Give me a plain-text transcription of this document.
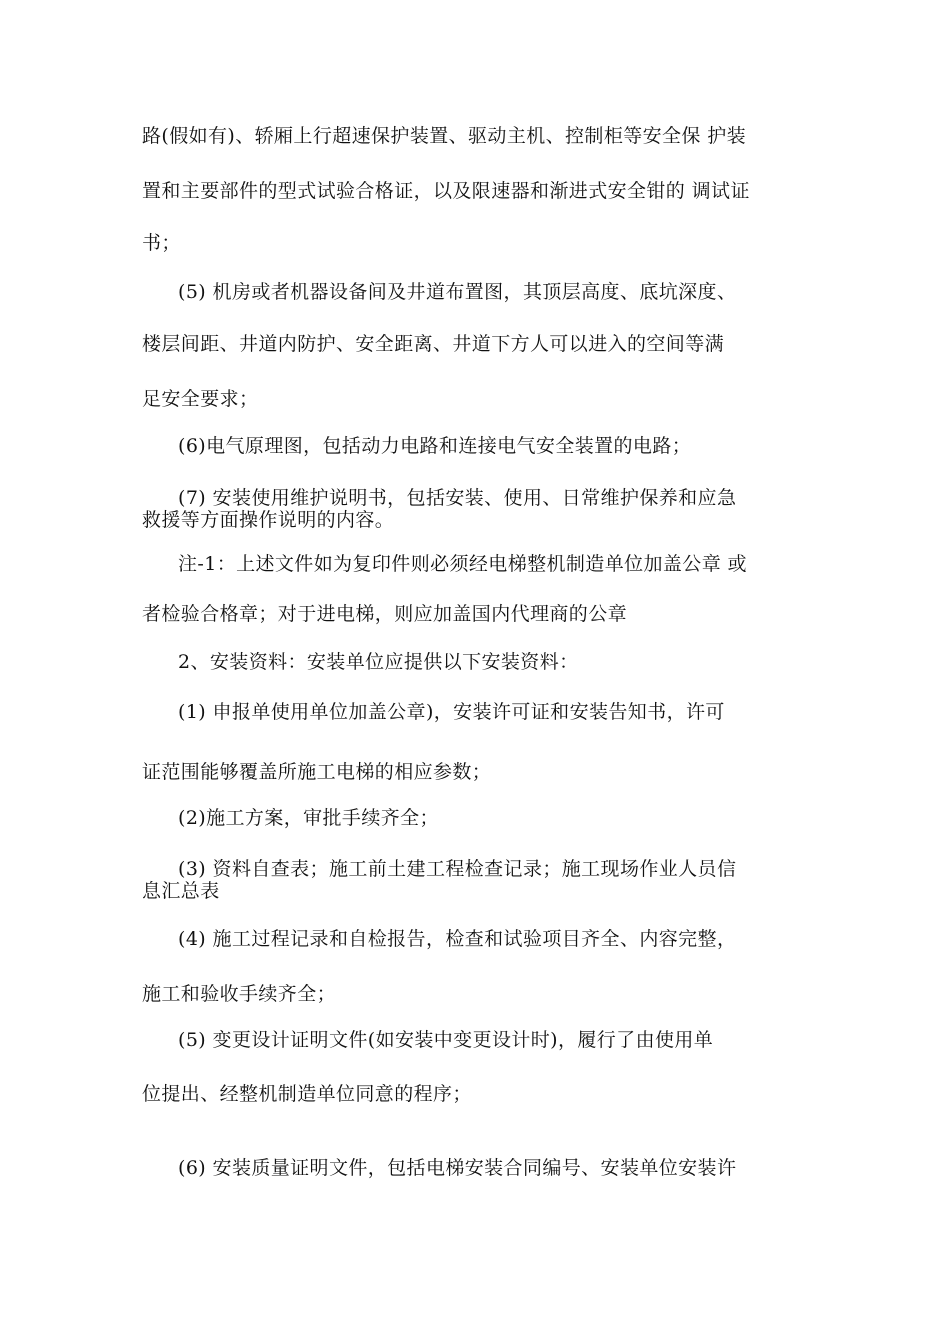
路(假如有)、轿厢上行超速保护装置、驱动主机、控制柜等安全保 护装
置和主要部件的型式试验合格证，以及限速器和渐进式安全钳的 调试证
书；
(5) 机房或者机器设备间及井道布置图，其顶层高度、底坑深度、
楼层间距、井道内防护、安全距离、井道下方人可以进入的空间等满
足安全要求；
(6)电气原理图，包括动力电路和连接电气安全装置的电路；
(7) 安装使用维护说明书，包括安装、使用、日常维护保养和应急
救援等方面操作说明的内容。
注-1：上述文件如为复印件则必须经电梯整机制造单位加盖公章 或
者检验合格章；对于进电梯，则应加盖国内代理商的公章
2、安装资料：安装单位应提供以下安装资料：
(1) 申报单使用单位加盖公章)，安装许可证和安装告知书，许可
证范围能够覆盖所施工电梯的相应参数；
(2)施工方案，审批手续齐全；
(3) 资料自查表；施工前土建工程检查记录；施工现场作业人员信
息汇总表
(4) 施工过程记录和自检报告，检查和试验项目齐全、内容完整，
施工和验收手续齐全；
(5) 变更设计证明文件(如安装中变更设计时)，履行了由使用单
位提出、经整机制造单位同意的程序；
(6) 安装质量证明文件，包括电梯安装合同编号、安装单位安装许
